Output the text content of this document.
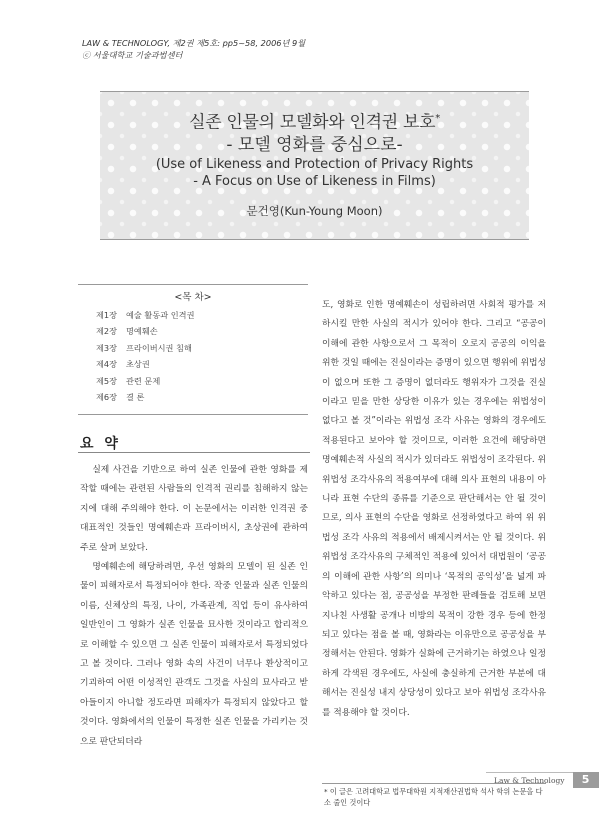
LAW & TECHNOLOGY, 제2권 제5호: pp5~58, 2006년 9월
ⓒ 서울대학교 기술과법센터
실존 인물의 모델화와 인격권 보호*
- 모델 영화를 중심으로-
(Use of Likeness and Protection of Privacy Rights
- A Focus on Use of Likeness in Films)
문건영(Kun-Young Moon)
<목 차>
제1장 예술 활동과 인격권
제2장 명예훼손
제3장 프라이버시권 침해
제4장 초상권
제5장 관련 문제
제6장 결 론
요 약

실제 사건을 기반으로 하여 실존 인물에 관한 영화를 제작할 때에는 관련된 사람들의 인격적 권리를 침해하지 않는지에 대해 주의해야 한다. 이 논문에서는 이러한 인격권 중 대표적인 것들인 명예훼손과 프라이버시, 초상권에 관하여 주로 살펴 보았다.

명예훼손에 해당하려면, 우선 영화의 모델이 된 실존 인물이 피해자로서 특정되어야 한다. 작중 인물과 실존 인물의 이름, 신체상의 특징, 나이, 가족관계, 직업 등이 유사하여 일반인이 그 영화가 실존 인물을 묘사한 것이라고 합리적으로 이해할 수 있으면 그 실존 인물이 피해자로서 특정되었다고 볼 것이다. 그러나 영화 속의 사건이 너무나 환상적이고 기괴하여 어떤 이성적인 관객도 그것을 사실의 묘사라고 받아들이지 아니할 정도라면 피해자가 특정되지 않았다고 할 것이다. 영화에서의 인물이 특정한 실존 인물을 가리키는 것으로 판단되더라

도, 영화로 인한 명예훼손이 성립하려면 사회적 평가를 저하시킬 만한 사실의 적시가 있어야 한다. 그리고 “공공이 이해에 관한 사항으로서 그 목적이 오로지 공공의 이익을 위한 것일 때에는 진실이라는 증명이 있으면 행위에 위법성이 없으며 또한 그 증명이 없더라도 행위자가 그것을 진실이라고 믿을 만한 상당한 이유가 있는 경우에는 위법성이 없다고 볼 것”이라는 위법성 조각 사유는 영화의 경우에도 적용된다고 보아야 할 것이므로, 이러한 요건에 해당하면 명예훼손적 사실의 적시가 있더라도 위법성이 조각된다. 위 위법성 조각사유의 적용여부에 대해 의사 표현의 내용이 아니라 표현 수단의 종류를 기준으로 판단해서는 안 될 것이므로, 의사 표현의 수단을 영화로 선정하였다고 하여 위 위법성 조각 사유의 적용에서 배제시켜서는 안 될 것이다. 위 위법성 조각사유의 구체적인 적용에 있어서 대법원이 ‘공공의 이해에 관한 사항’의 의미나 ‘목적의 공익성’을 넓게 파악하고 있다는 점, 공공성을 부정한 판례들을 검토해 보면 지나친 사생활 공개나 비방의 목적이 강한 경우 등에 한정되고 있다는 점을 볼 때, 영화라는 이유만으로 공공성을 부정해서는 안된다. 영화가 실화에 근거하기는 하였으나 일정하게 각색된 경우에도, 사실에 충실하게 근거한 부분에 대해서는 진실성 내지 상당성이 있다고 보아 위법성 조각사유를 적용해야 할 것이다.

* 이 글은 고려대학교 법무대학원 지적재산권법학 석사 학위 논문을 다소 줄인 것이다
Law & Technology	5
